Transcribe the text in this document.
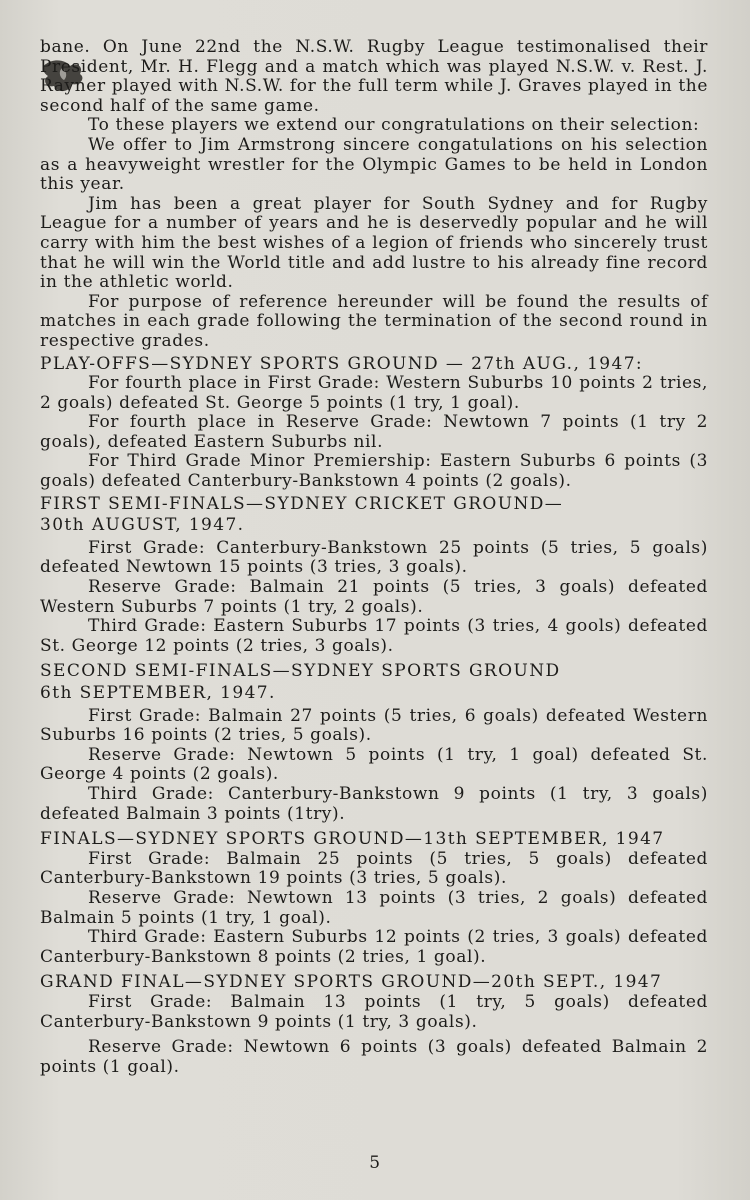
bane. On June 22nd the N.S.W. Rugby League testimonalised their President, Mr. H. Flegg and a match which was played N.S.W. v. Rest. J. Rayner played with N.S.W. for the full term while J. Graves played in the second half of the same game.

To these players we extend our congratulations on their selection:

We offer to Jim Armstrong sincere congatulations on his selection as a heavyweight wrestler for the Olympic Games to be held in London this year.

Jim has been a great player for South Sydney and for Rugby League for a number of years and he is deservedly popular and he will carry with him the best wishes of a legion of friends who sincerely trust that he will win the World title and add lustre to his already fine record in the athletic world.

For purpose of reference hereunder will be found the results of matches in each grade following the termination of the second round in respective grades.

PLAY-OFFS—SYDNEY SPORTS GROUND — 27th AUG., 1947:

For fourth place in First Grade: Western Suburbs 10 points 2 tries, 2 goals) defeated St. George 5 points (1 try, 1 goal).

For fourth place in Reserve Grade: Newtown 7 points (1 try 2 goals), defeated Eastern Suburbs nil.

For Third Grade Minor Premiership: Eastern Suburbs 6 points (3 goals) defeated Canterbury-Bankstown 4 points (2 goals).

FIRST SEMI-FINALS—SYDNEY CRICKET GROUND—

30th AUGUST, 1947.

First Grade: Canterbury-Bankstown 25 points (5 tries, 5 goals) defeated Newtown 15 points (3 tries, 3 goals).

Reserve Grade: Balmain 21 points (5 tries, 3 goals) defeated Western Suburbs 7 points (1 try, 2 goals).

Third Grade: Eastern Suburbs 17 points (3 tries, 4 gools) defeated St. George 12 points (2 tries, 3 goals).

SECOND SEMI-FINALS—SYDNEY SPORTS GROUND

6th SEPTEMBER, 1947.

First Grade: Balmain 27 points (5 tries, 6 goals) defeated Western Suburbs 16 points (2 tries, 5 goals).

Reserve Grade: Newtown 5 points (1 try, 1 goal) defeated St. George 4 points (2 goals).

Third Grade: Canterbury-Bankstown 9 points (1 try, 3 goals) defeated Balmain 3 points (1try).

FINALS—SYDNEY SPORTS GROUND—13th SEPTEMBER, 1947

First Grade: Balmain 25 points (5 tries, 5 goals) defeated Canterbury-Bankstown 19 points (3 tries, 5 goals).

Reserve Grade: Newtown 13 points (3 tries, 2 goals) defeated Balmain 5 points (1 try, 1 goal).

Third Grade: Eastern Suburbs 12 points (2 tries, 3 goals) defeated Canterbury-Bankstown 8 points (2 tries, 1 goal).

GRAND FINAL—SYDNEY SPORTS GROUND—20th SEPT., 1947

First Grade: Balmain 13 points (1 try, 5 goals) defeated Canterbury-Bankstown 9 points (1 try, 3 goals).

Reserve Grade: Newtown 6 points (3 goals) defeated Balmain 2 points (1 goal).

5
